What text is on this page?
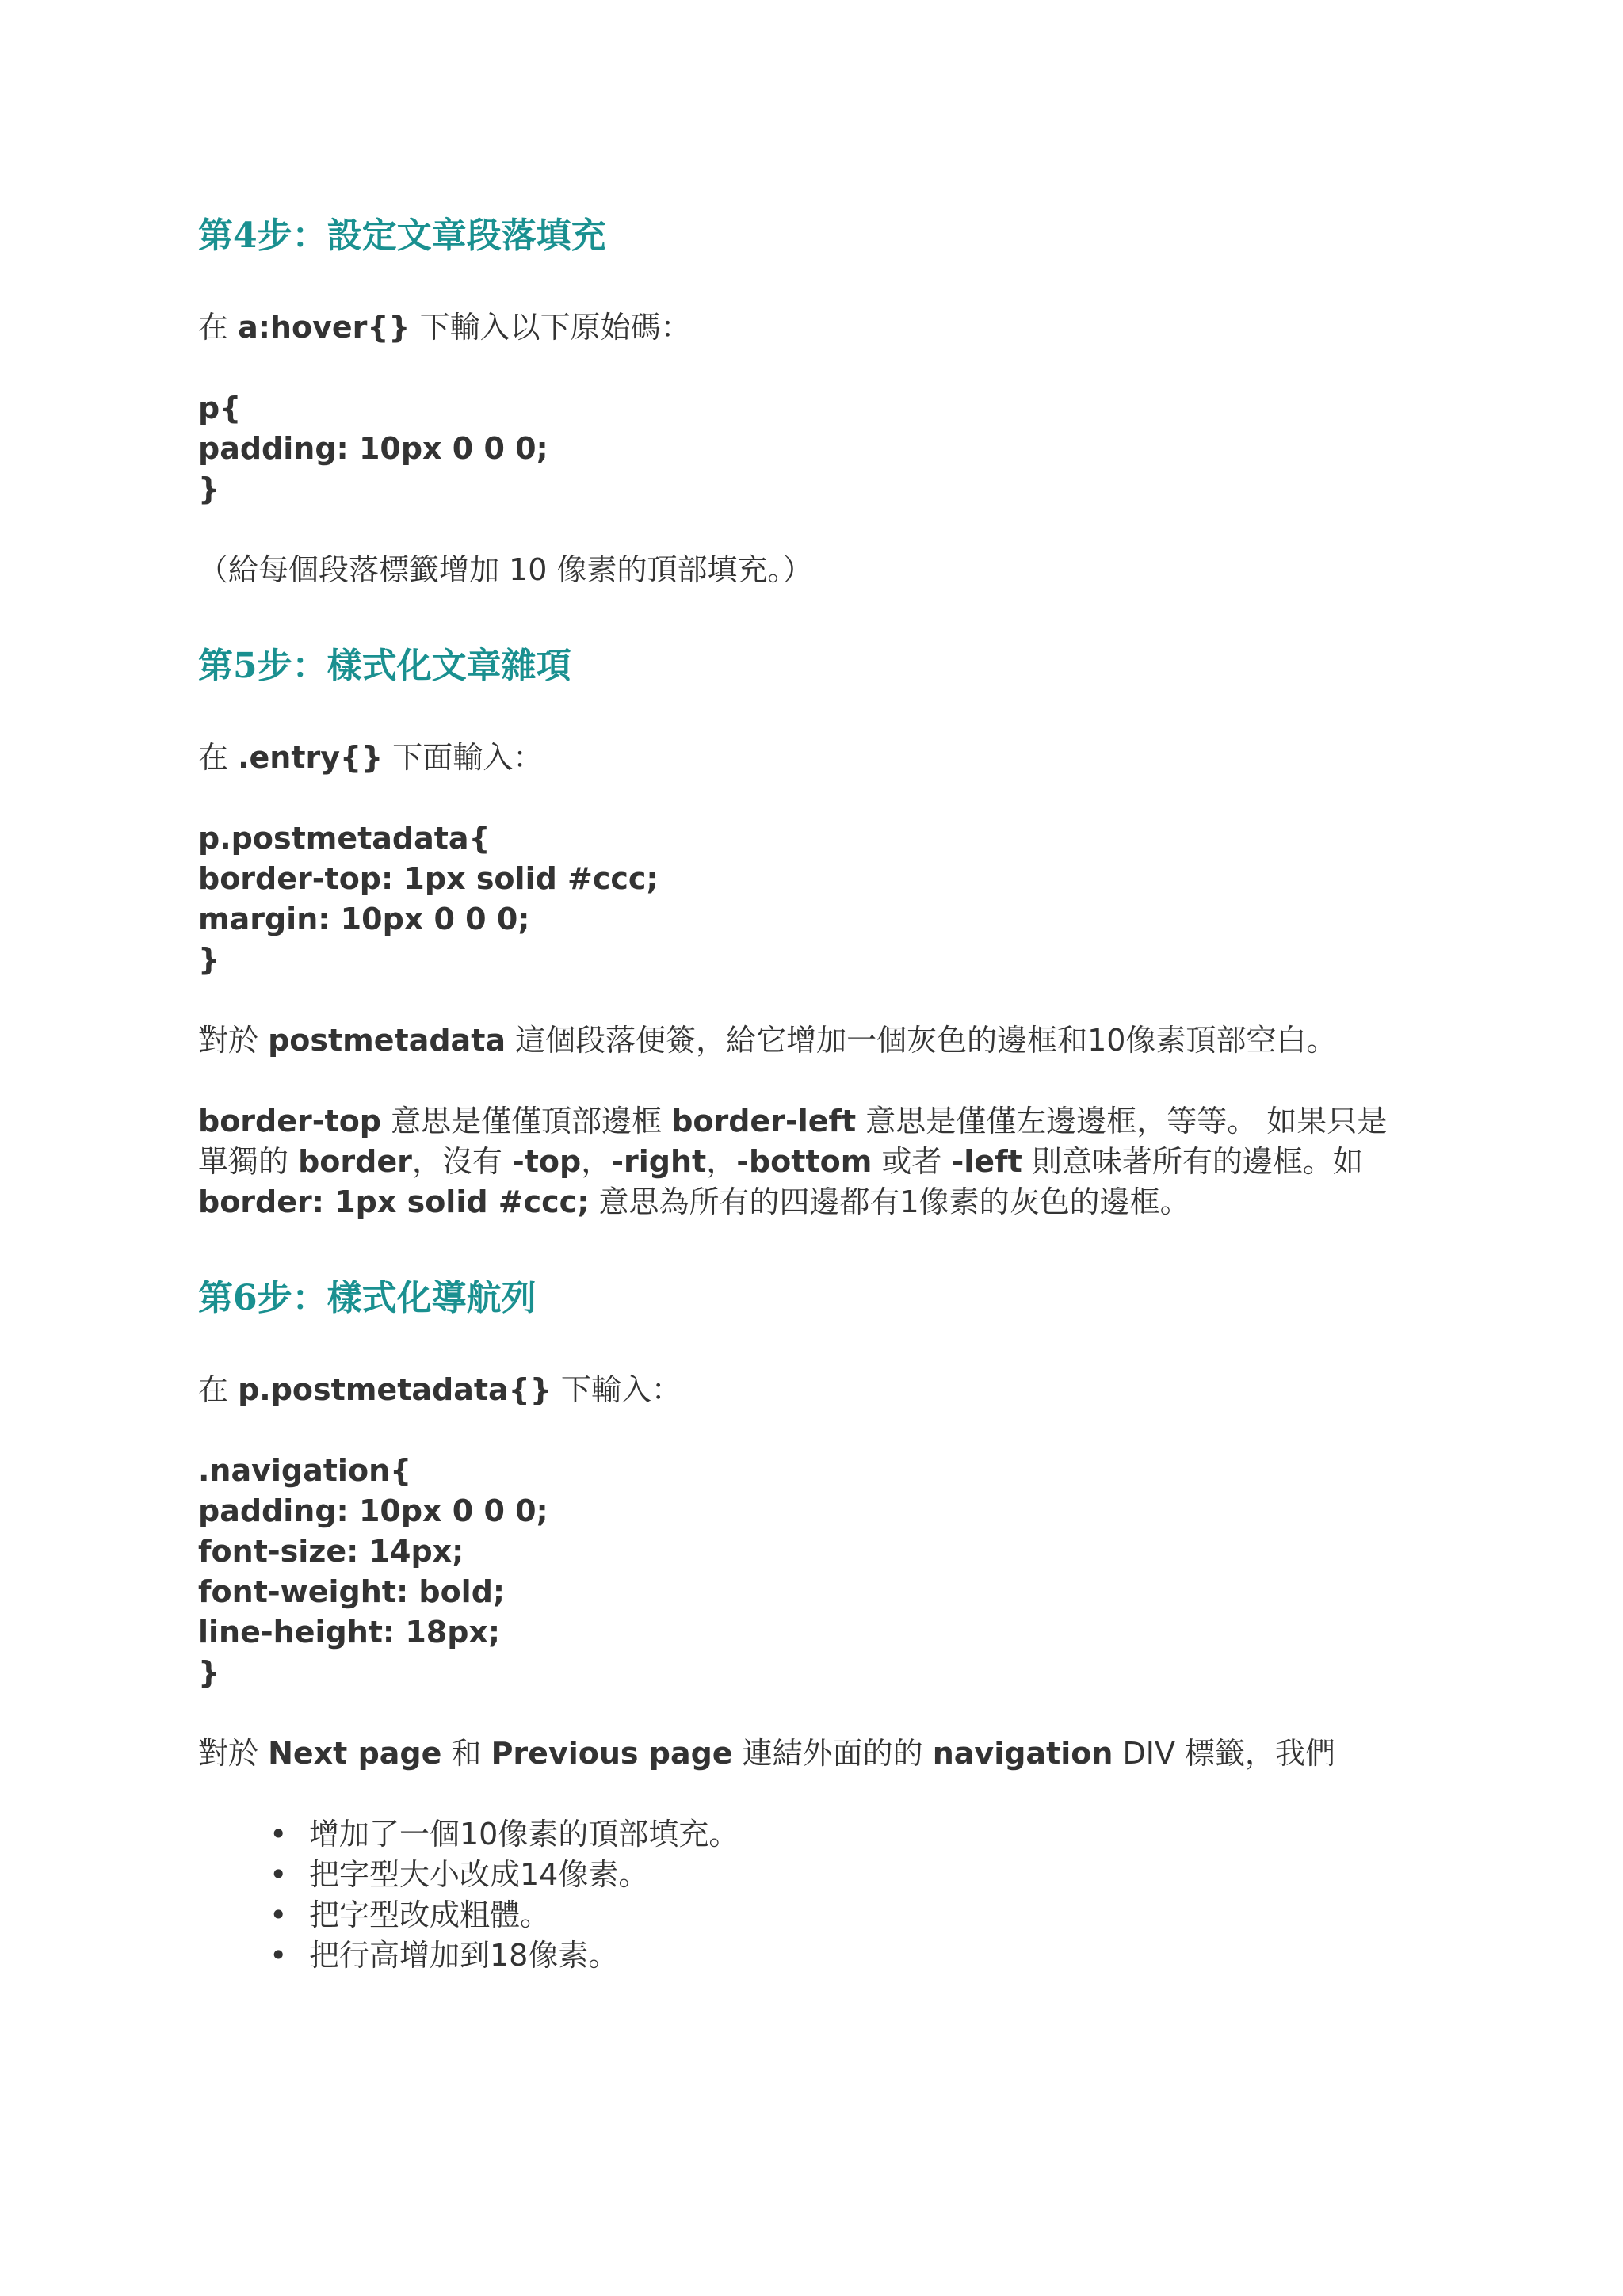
第4步：設定文章段落填充

在 a:hover{} 下輸入以下原始碼：

p{
padding: 10px 0 0 0;
}

（給每個段落標籤增加 10 像素的頂部填充。）

第5步：樣式化文章雜項

在 .entry{} 下面輸入：

p.postmetadata{
border-top: 1px solid #ccc;
margin: 10px 0 0 0;
}

對於 postmetadata 這個段落便簽，給它增加一個灰色的邊框和10像素頂部空白。

border-top 意思是僅僅頂部邊框 border-left 意思是僅僅左邊邊框，等等。 如果只是
單獨的 border，沒有 -top，-right，-bottom 或者 -left 則意味著所有的邊框。如
border: 1px solid #ccc; 意思為所有的四邊都有1像素的灰色的邊框。

第6步：樣式化導航列

在 p.postmetadata{} 下輸入：

.navigation{
padding: 10px 0 0 0;
font-size: 14px;
font-weight: bold;
line-height: 18px;
}

對於 Next page 和 Previous page 連結外面的的 navigation DIV 標籤，我們

• 增加了一個10像素的頂部填充。
• 把字型大小改成14像素。
• 把字型改成粗體。
• 把行高增加到18像素。
